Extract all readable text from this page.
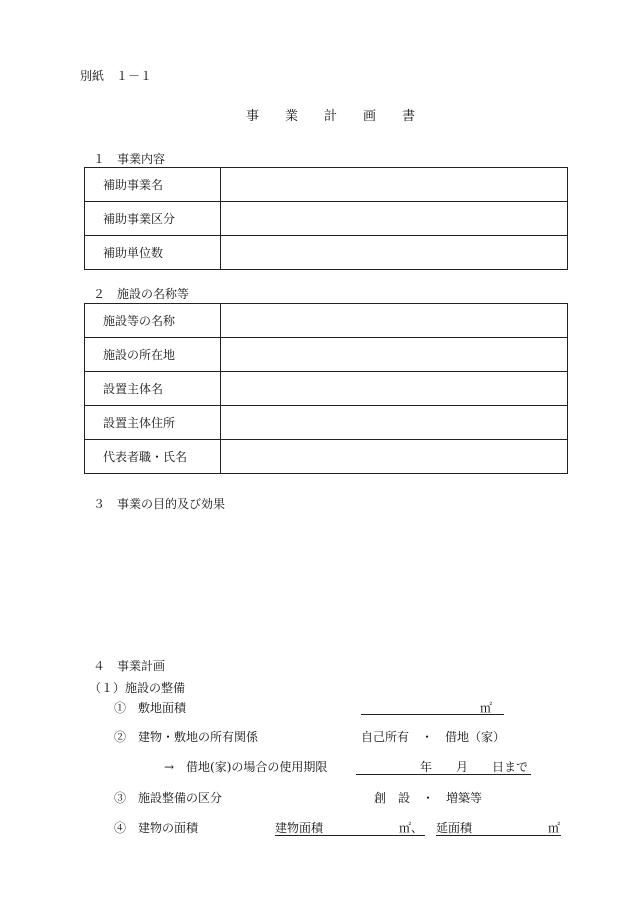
別紙　１－１
事　　業　　計　　画　　書
１　事業内容
補助事業名	
補助事業区分	
補助単位数	
２　施設の名称等
施設等の名称	
施設の所在地	
設置主体名	
設置主体住所	
代表者職・氏名	
３　事業の目的及び効果
４　事業計画
（１）施設の整備
①　敷地面積	㎡
②　建物・敷地の所有関係	自己所有　・　借地（家）
→　借地(家)の場合の使用期限	年　　月　　日まで
③　施設整備の区分	創　設　・　増築等
④　建物の面積	建物面積	㎡、 延面積	㎡
